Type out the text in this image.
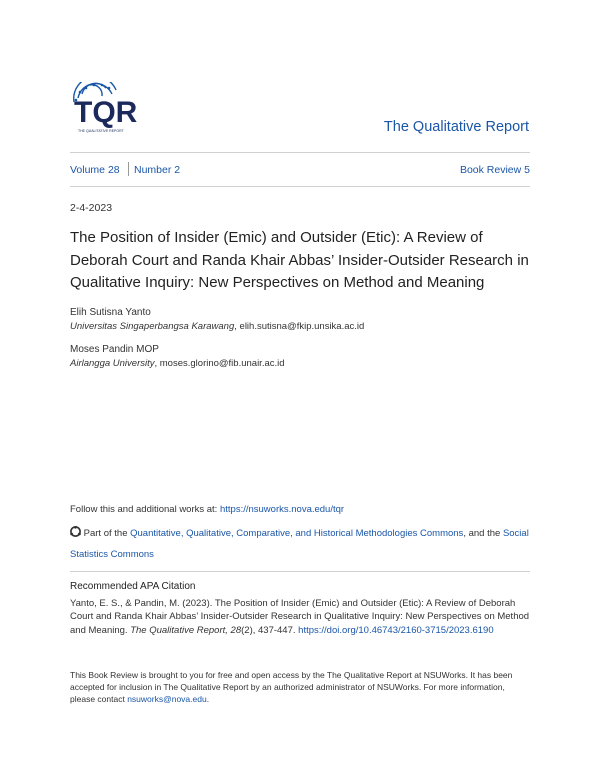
TQR
THE QUALITATIVE REPORT	The Qualitative Report
Volume 28 Number 2	Book Review 5
2-4-2023
The Position of Insider (Emic) and Outsider (Etic): A Review of Deborah Court and Randa Khair Abbas’ Insider-Outsider Research in Qualitative Inquiry: New Perspectives on Method and Meaning
Elih Sutisna Yanto
Universitas Singaperbangsa Karawang, elih.sutisna@fkip.unsika.ac.id
Moses Pandin MOP
Airlangga University, moses.glorino@fib.unair.ac.id
Follow this and additional works at: https://nsuworks.nova.edu/tqr
Part of the Quantitative, Qualitative, Comparative, and Historical Methodologies Commons, and the Social Statistics Commons
Recommended APA Citation
Yanto, E. S., & Pandin, M. (2023). The Position of Insider (Emic) and Outsider (Etic): A Review of Deborah Court and Randa Khair Abbas’ Insider-Outsider Research in Qualitative Inquiry: New Perspectives on Method and Meaning. The Qualitative Report, 28(2), 437-447. https://doi.org/10.46743/2160-3715/2023.6190
This Book Review is brought to you for free and open access by the The Qualitative Report at NSUWorks. It has been accepted for inclusion in The Qualitative Report by an authorized administrator of NSUWorks. For more information, please contact nsuworks@nova.edu.
